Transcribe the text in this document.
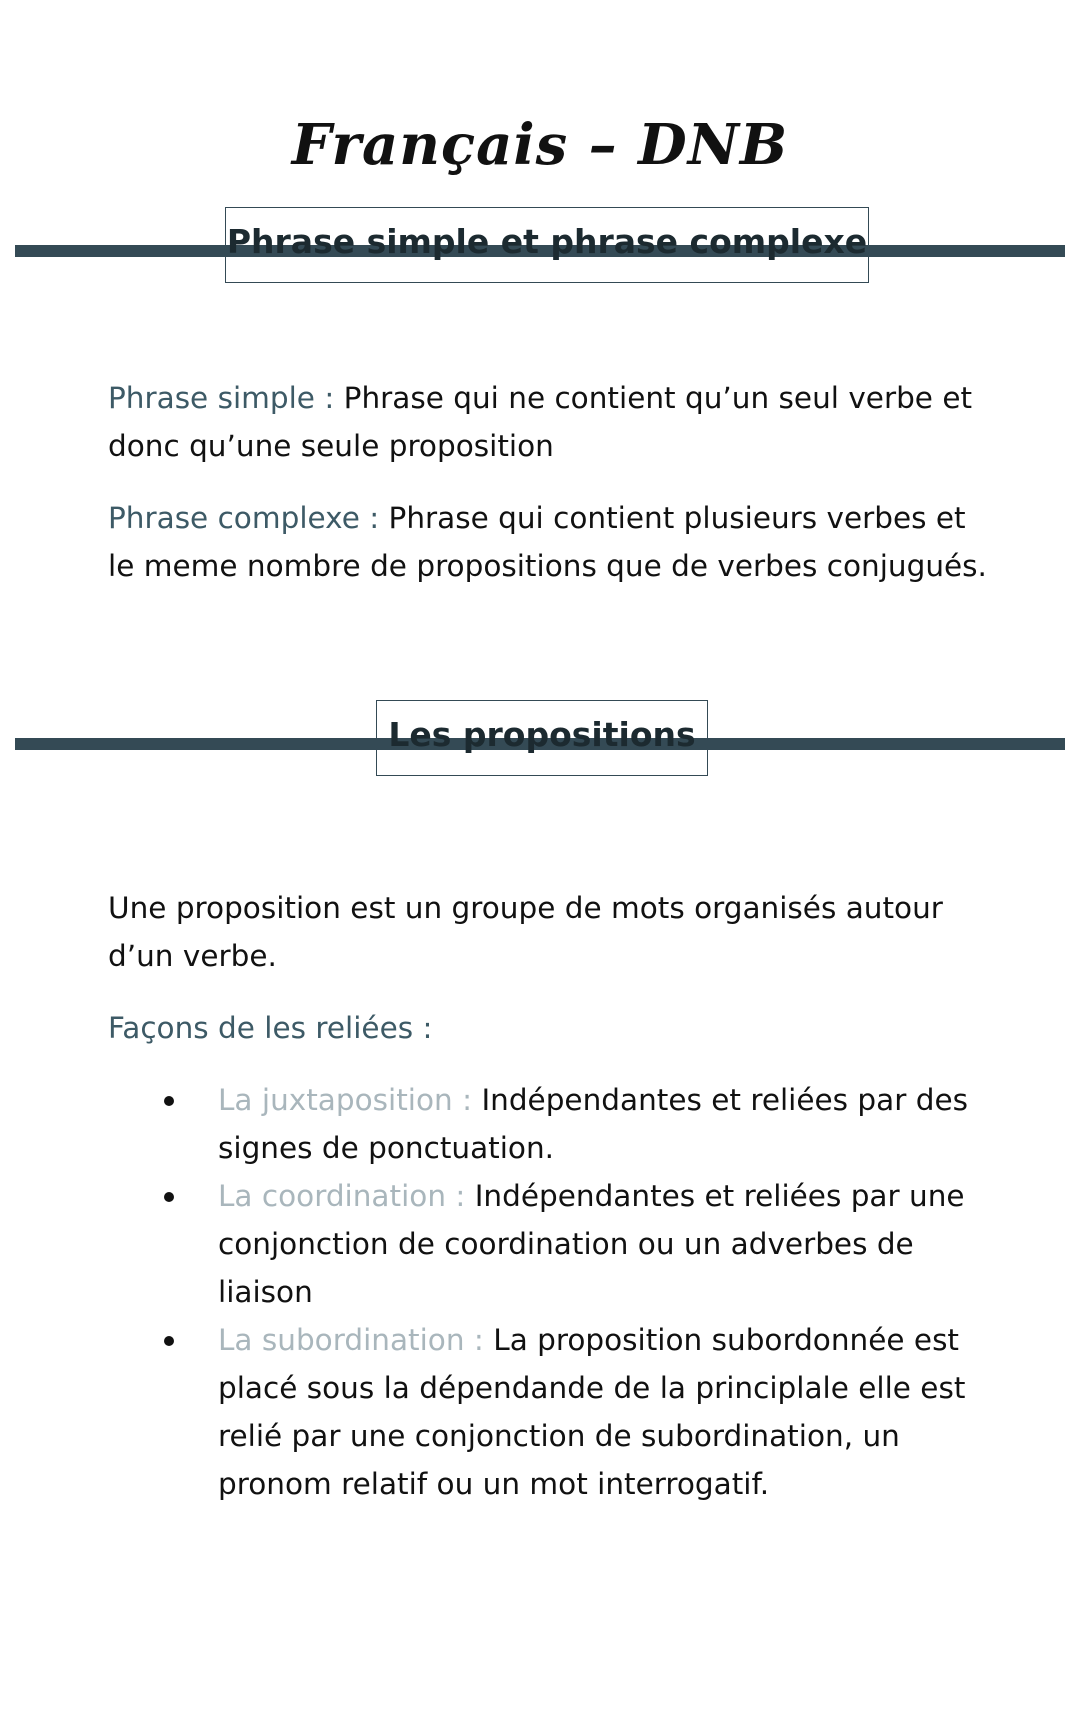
Français – DNB
Phrase simple et phrase complexe

Phrase simple : Phrase qui ne contient qu’un seul verbe et donc qu’une seule proposition

Phrase complexe : Phrase qui contient plusieurs verbes et le meme nombre de propositions que de verbes conjugués.

Les propositions

Une proposition est un groupe de mots organisés autour d’un verbe.

Façons de les reliées :

La juxtaposition : Indépendantes et reliées par des signes de ponctuation.
La coordination : Indépendantes et reliées par une conjonction de coordination ou un adverbes de liaison
La subordination : La proposition subordonnée est placé sous la dépendande de la principlale elle est relié par une conjonction de subordination, un pronom relatif ou un mot interrogatif.
